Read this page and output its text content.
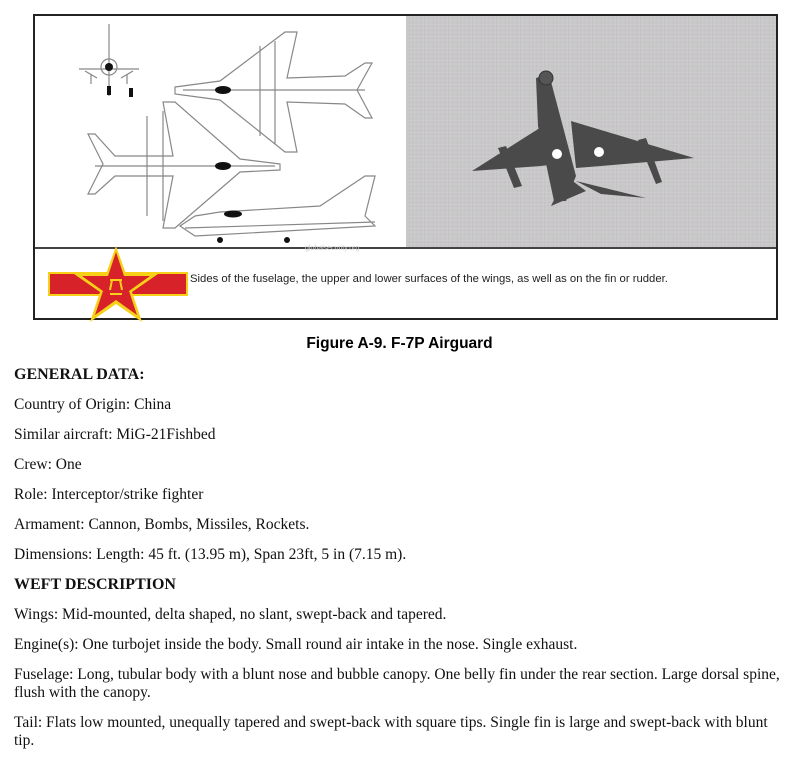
globalsecurity.org
Sides of the fuselage, the upper and lower surfaces of the wings, as well as on the fin or rudder.
Figure A-9. F-7P Airguard
GENERAL DATA:

Country of Origin: China

Similar aircraft: MiG-21Fishbed

Crew: One

Role: Interceptor/strike fighter

Armament: Cannon, Bombs, Missiles, Rockets.

Dimensions: Length: 45 ft. (13.95 m), Span 23ft, 5 in (7.15 m).

WEFT DESCRIPTION

Wings: Mid-mounted, delta shaped, no slant, swept-back and tapered.

Engine(s): One turbojet inside the body. Small round air intake in the nose. Single exhaust.

Fuselage: Long, tubular body with a blunt nose and bubble canopy. One belly fin under the rear section. Large dorsal spine, flush with the canopy.

Tail: Flats low mounted, unequally tapered and swept-back with square tips. Single fin is large and swept-back with blunt tip.
